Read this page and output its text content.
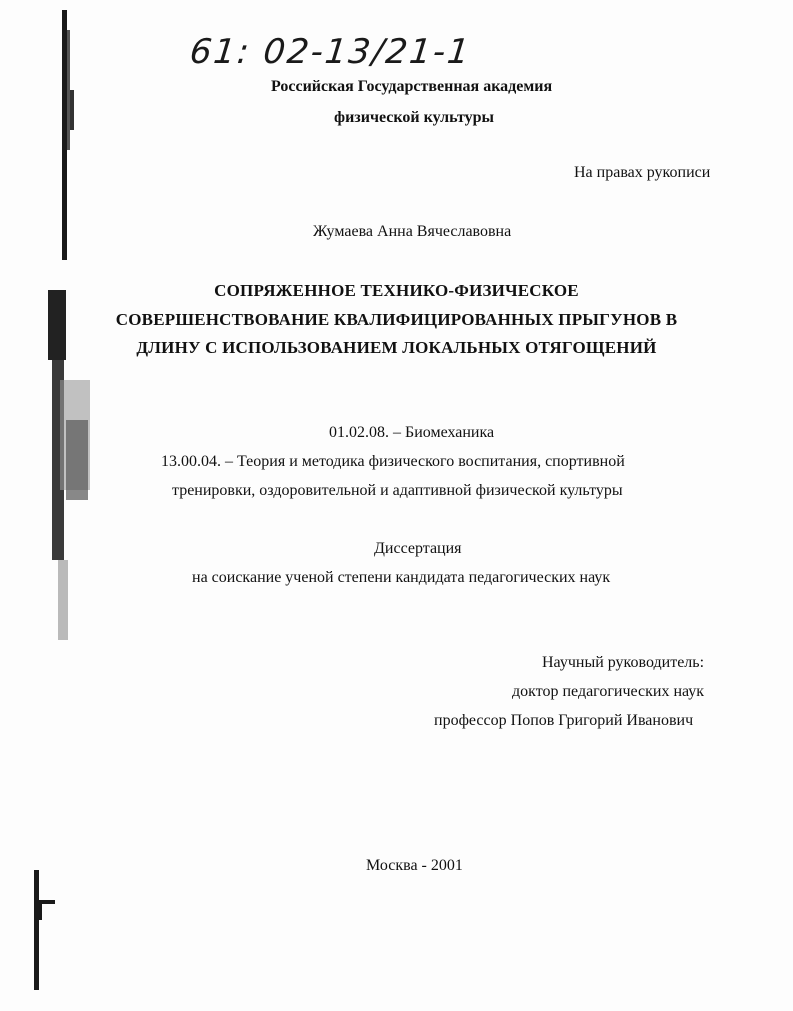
61: 02-13/21-1
Российская Государственная академия
физической культуры
На правах рукописи
Жумаева Анна Вячеславовна
СОПРЯЖЕННОЕ ТЕХНИКО-ФИЗИЧЕСКОЕ
СОВЕРШЕНСТВОВАНИЕ КВАЛИФИЦИРОВАННЫХ ПРЫГУНОВ В
ДЛИНУ С ИСПОЛЬЗОВАНИЕМ ЛОКАЛЬНЫХ ОТЯГОЩЕНИЙ
01.02.08. – Биомеханика
13.00.04. – Теория и методика физического воспитания, спортивной
тренировки, оздоровительной и адаптивной физической культуры
Диссертация
на соискание ученой степени кандидата педагогических наук
Научный руководитель:
доктор педагогических наук
профессор Попов Григорий Иванович
Москва - 2001
